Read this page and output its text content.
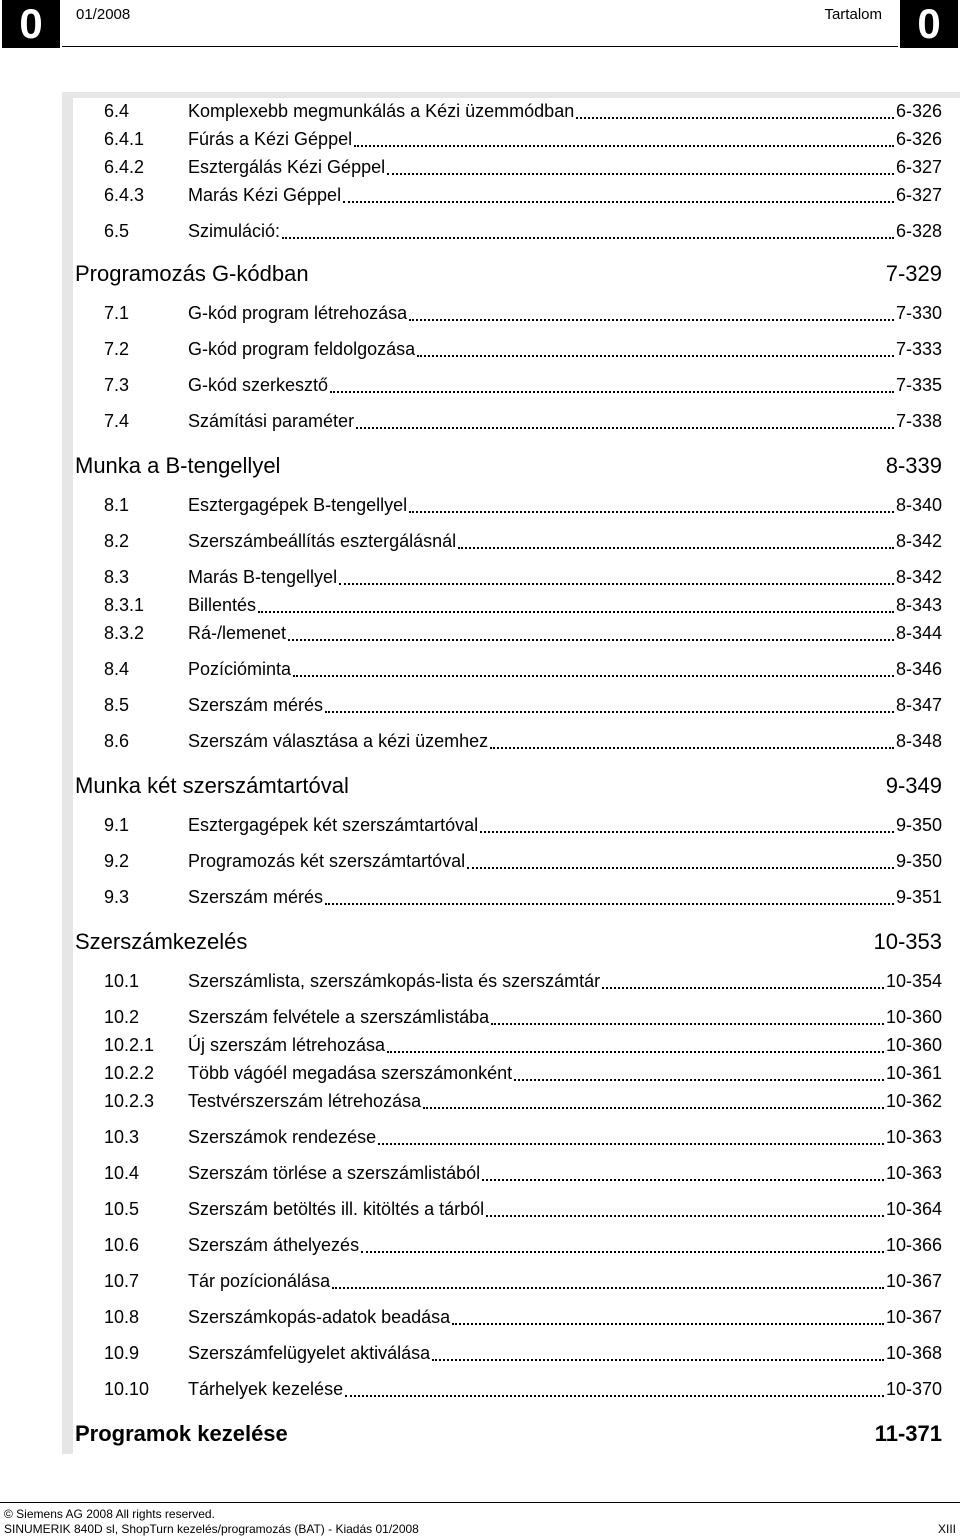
0	01/2008	Tartalom 0
6.4	Komplexebb megmunkálás a Kézi üzemmódban	6-326
6.4.1	Fúrás a Kézi Géppel	6-326
6.4.2	Esztergálás Kézi Géppel	6-327
6.4.3	Marás Kézi Géppel	6-327
6.5	Szimuláció:	6-328
Programozás G-kódban	7-329
7.1	G-kód program létrehozása	7-330
7.2	G-kód program feldolgozása	7-333
7.3	G-kód szerkesztő	7-335
7.4	Számítási paraméter	7-338
Munka a B-tengellyel	8-339
8.1	Esztergagépek B-tengellyel	8-340
8.2	Szerszámbeállítás esztergálásnál	8-342
8.3	Marás B-tengellyel	8-342
8.3.1	Billentés	8-343
8.3.2	Rá-/lemenet	8-344
8.4	Pozícióminta	8-346
8.5	Szerszám mérés	8-347
8.6	Szerszám választása a kézi üzemhez	8-348
Munka két szerszámtartóval	9-349
9.1	Esztergagépek két szerszámtartóval	9-350
9.2	Programozás két szerszámtartóval	9-350
9.3	Szerszám mérés	9-351
Szerszámkezelés	10-353
10.1	Szerszámlista, szerszámkopás-lista és szerszámtár	10-354
10.2	Szerszám felvétele a szerszámlistába	10-360
10.2.1	Új szerszám létrehozása	10-360
10.2.2	Több vágóél megadása szerszámonként	10-361
10.2.3	Testvérszerszám létrehozása	10-362
10.3	Szerszámok rendezése	10-363
10.4	Szerszám törlése a szerszámlistából	10-363
10.5	Szerszám betöltés ill. kitöltés a tárból	10-364
10.6	Szerszám áthelyezés	10-366
10.7	Tár pozícionálása	10-367
10.8	Szerszámkopás-adatok beadása	10-367
10.9	Szerszámfelügyelet aktiválása	10-368
10.10	Tárhelyek kezelése	10-370
Programok kezelése	11-371
© Siemens AG 2008 All rights reserved.
SINUMERIK 840D sl, ShopTurn kezelés/programozás (BAT) - Kiadás 01/2008	XIII
